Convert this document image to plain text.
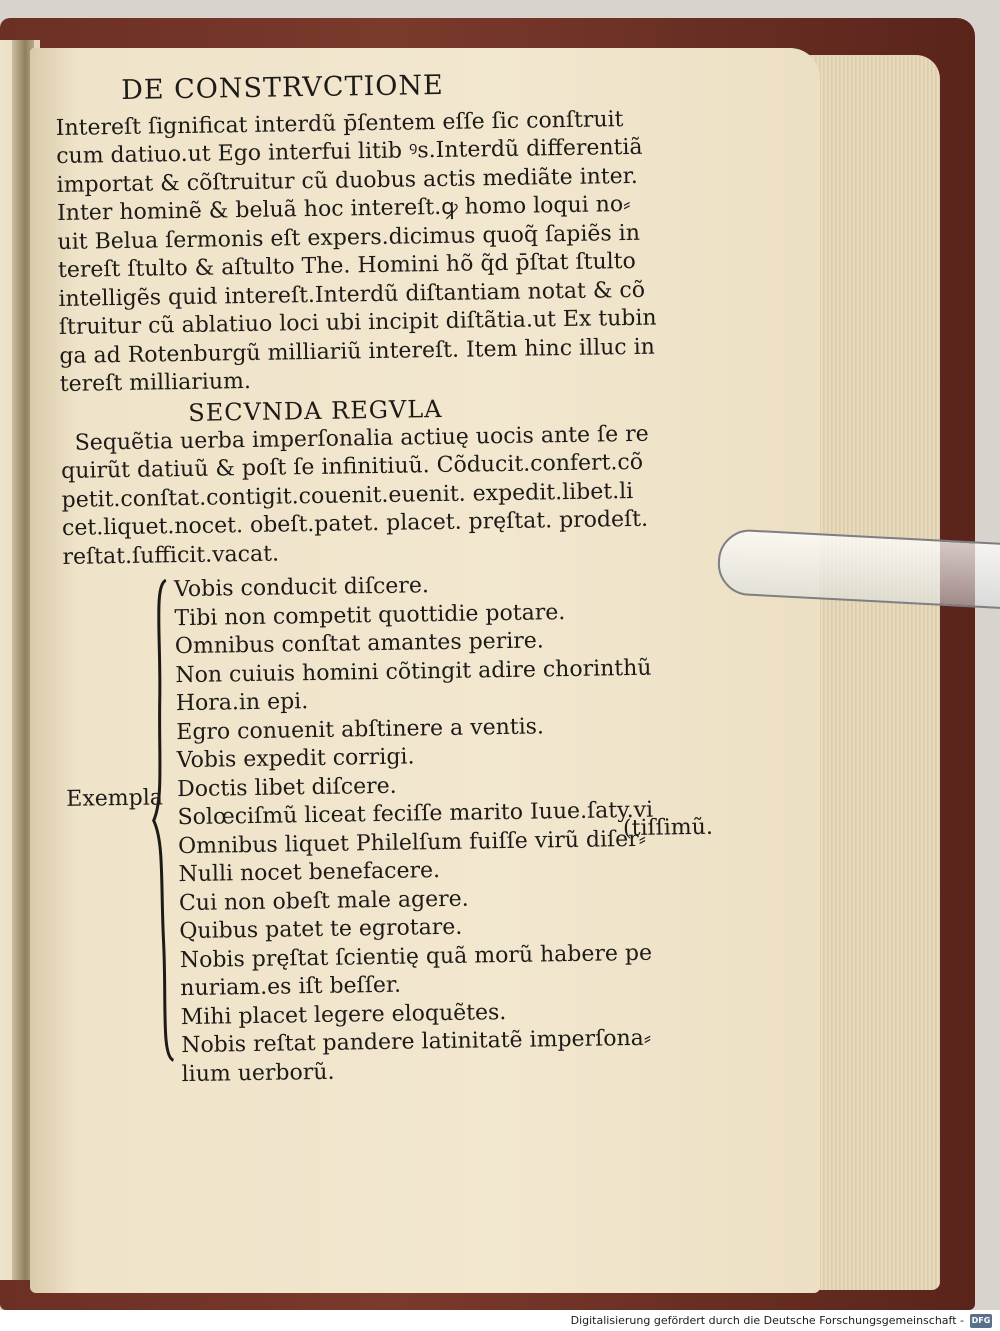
DE CONSTRVCTIONE
Intereſt ſignificat interdũ p̄ſentem eſſe ſic conſtruit
cum datiuo.ut Ego interfui litib ꝰs.Interdũ differentiã
importat & cõſtruitur cũ duobus actis mediãte inter.
Inter hominẽ & beluã hoc intereſt.ꝙ homo loqui no⸗
uit Belua ſermonis eſt expers.dicimus quoq̃ ſapiẽs in
tereſt ſtulto & aſtulto The. Homini hõ q̃d p̄ſtat ſtulto
intelligẽs quid intereſt.Interdũ diſtantiam notat & cõ
ſtruitur cũ ablatiuo loci ubi incipit diſtãtia.ut Ex tubin
ga ad Rotenburgũ milliariũ intereſt. Item hinc illuc in
tereſt milliarium.
SECVNDA REGVLA
Sequẽtia uerba imperſonalia actiuę uocis ante ſe re
quirũt datiuũ & poſt ſe infinitiuũ. Cõducit.confert.cõ
petit.conſtat.contigit.couenit.euenit. expedit.libet.li
cet.liquet.nocet. obeſt.patet. placet. pręſtat. prodeſt.
reſtat.ſufficit.vacat.
Exempla
Vobis conducit diſcere.
Tibi non competit quottidie potare.
Omnibus conſtat amantes perire.
Non cuiuis homini cõtingit adire chorinthũ
Hora.in epi.
Egro conuenit abſtinere a ventis.
Vobis expedit corrigi.
Doctis libet diſcere.
Solœciſmũ liceat feciſſe marito Iuue.ſaty.vi
Omnibus liquet Philelſum fuiſſe virũ diſer⸗
Nulli nocet benefacere.
Cui non obeſt male agere.
Quibus patet te egrotare.
Nobis pręſtat ſcientię quã morũ habere pe
nuriam.es iſt beſſer.
Mihi placet legere eloquẽtes.
Nobis reſtat pandere latinitatẽ imperſona⸗
lium uerborũ.
(tiſſimũ.
Digitalisierung gefördert durch die Deutsche Forschungsgemeinschaft - DFG
